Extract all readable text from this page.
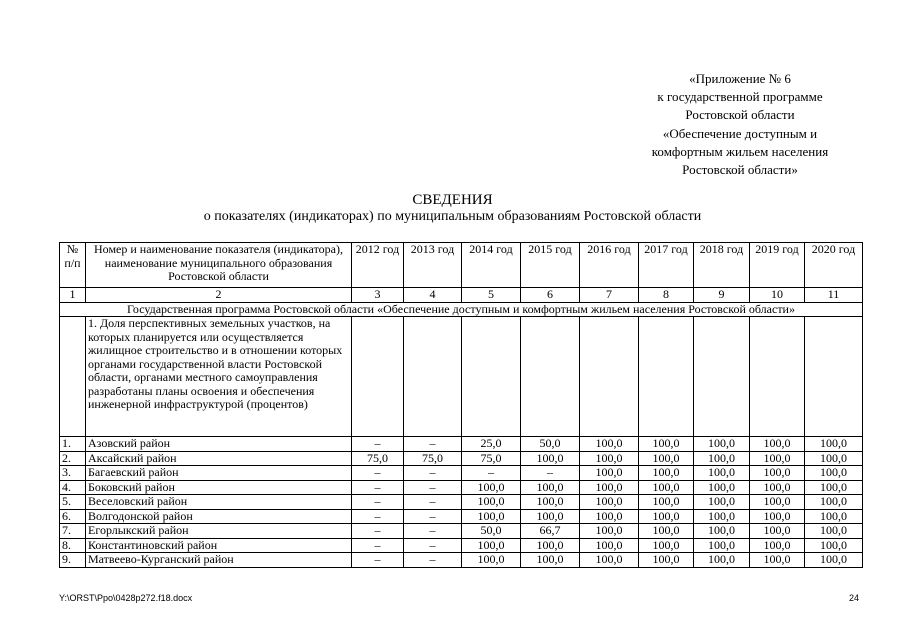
«Приложение № 6
к государственной программе
Ростовской области
«Обеспечение доступным и
комфортным жильем населения
Ростовской области»
СВЕДЕНИЯ
о показателях (индикаторах) по муниципальным образованиям Ростовской области
№ п/п	Номер и наименование показателя (индикатора), наименование муниципального образования Ростовской области	2012 год	2013 год	2014 год	2015 год	2016 год	2017 год	2018 год	2019 год	2020 год
1	2	3	4	5	6	7	8	9	10	11
Государственная программа Ростовской области «Обеспечение доступным и комфортным жильем населения Ростовской области»										
	1. Доля перспективных земельных участков, на которых планируется или осуществляется жилищное строительство и в отношении которых органами государственной власти Ростовской области, органами местного самоуправления разработаны планы освоения и обеспечения инженерной инфраструктурой (процентов)									
1.	Азовский район	–	–	25,0	50,0	100,0	100,0	100,0	100,0	100,0
2.	Аксайский район	75,0	75,0	75,0	100,0	100,0	100,0	100,0	100,0	100,0
3.	Багаевский район	–	–	–	–	100,0	100,0	100,0	100,0	100,0
4.	Боковский район	–	–	100,0	100,0	100,0	100,0	100,0	100,0	100,0
5.	Веселовский район	–	–	100,0	100,0	100,0	100,0	100,0	100,0	100,0
6.	Волгодонской район	–	–	100,0	100,0	100,0	100,0	100,0	100,0	100,0
7.	Егорлыкский район	–	–	50,0	66,7	100,0	100,0	100,0	100,0	100,0
8.	Константиновский район	–	–	100,0	100,0	100,0	100,0	100,0	100,0	100,0
9.	Матвеево-Курганский район	–	–	100,0	100,0	100,0	100,0	100,0	100,0	100,0
Y:\ORST\Ppo\0428p272.f18.docx	24
